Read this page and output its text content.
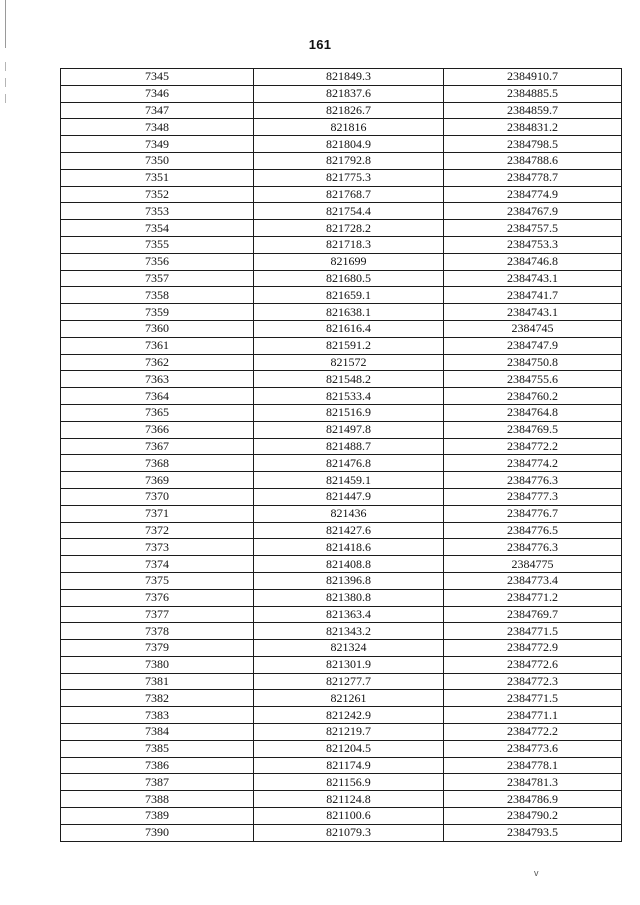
161
7345	821849.3	2384910.7
7346	821837.6	2384885.5
7347	821826.7	2384859.7
7348	821816	2384831.2
7349	821804.9	2384798.5
7350	821792.8	2384788.6
7351	821775.3	2384778.7
7352	821768.7	2384774.9
7353	821754.4	2384767.9
7354	821728.2	2384757.5
7355	821718.3	2384753.3
7356	821699	2384746.8
7357	821680.5	2384743.1
7358	821659.1	2384741.7
7359	821638.1	2384743.1
7360	821616.4	2384745
7361	821591.2	2384747.9
7362	821572	2384750.8
7363	821548.2	2384755.6
7364	821533.4	2384760.2
7365	821516.9	2384764.8
7366	821497.8	2384769.5
7367	821488.7	2384772.2
7368	821476.8	2384774.2
7369	821459.1	2384776.3
7370	821447.9	2384777.3
7371	821436	2384776.7
7372	821427.6	2384776.5
7373	821418.6	2384776.3
7374	821408.8	2384775
7375	821396.8	2384773.4
7376	821380.8	2384771.2
7377	821363.4	2384769.7
7378	821343.2	2384771.5
7379	821324	2384772.9
7380	821301.9	2384772.6
7381	821277.7	2384772.3
7382	821261	2384771.5
7383	821242.9	2384771.1
7384	821219.7	2384772.2
7385	821204.5	2384773.6
7386	821174.9	2384778.1
7387	821156.9	2384781.3
7388	821124.8	2384786.9
7389	821100.6	2384790.2
7390	821079.3	2384793.5
v
